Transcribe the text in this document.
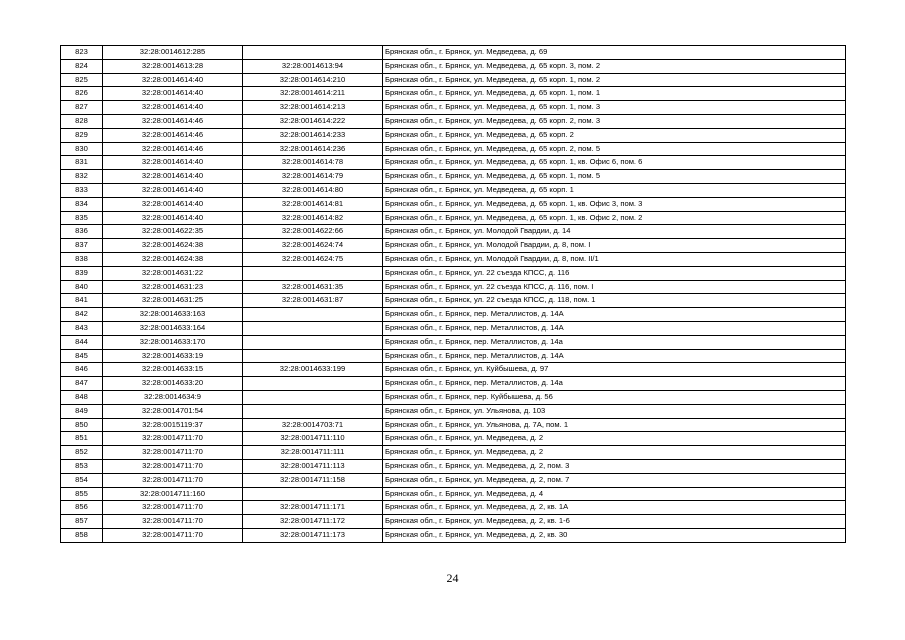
823	32:28:0014612:285		Брянская обл., г. Брянск, ул. Медведева, д. 69
824	32:28:0014613:28	32:28:0014613:94	Брянская обл., г. Брянск, ул. Медведева, д. 65 корп. 3, пом. 2
825	32:28:0014614:40	32:28:0014614:210	Брянская обл., г. Брянск, ул. Медведева, д. 65 корп. 1, пом. 2
826	32:28:0014614:40	32:28:0014614:211	Брянская обл., г. Брянск, ул. Медведева, д. 65 корп. 1, пом. 1
827	32:28:0014614:40	32:28:0014614:213	Брянская обл., г. Брянск, ул. Медведева, д. 65 корп. 1, пом. 3
828	32:28:0014614:46	32:28:0014614:222	Брянская обл., г. Брянск, ул. Медведева, д. 65 корп. 2, пом. 3
829	32:28:0014614:46	32:28:0014614:233	Брянская обл., г. Брянск, ул. Медведева, д. 65 корп. 2
830	32:28:0014614:46	32:28:0014614:236	Брянская обл., г. Брянск, ул. Медведева, д. 65 корп. 2, пом. 5
831	32:28:0014614:40	32:28:0014614:78	Брянская обл., г. Брянск, ул. Медведева, д. 65 корп. 1, кв. Офис 6, пом. 6
832	32:28:0014614:40	32:28:0014614:79	Брянская обл., г. Брянск, ул. Медведева, д. 65 корп. 1, пом. 5
833	32:28:0014614:40	32:28:0014614:80	Брянская обл., г. Брянск, ул. Медведева, д. 65 корп. 1
834	32:28:0014614:40	32:28:0014614:81	Брянская обл., г. Брянск, ул. Медведева, д. 65 корп. 1, кв. Офис 3, пом. 3
835	32:28:0014614:40	32:28:0014614:82	Брянская обл., г. Брянск, ул. Медведева, д. 65 корп. 1, кв. Офис 2, пом. 2
836	32:28:0014622:35	32:28:0014622:66	Брянская обл., г. Брянск, ул. Молодой Гвардии, д. 14
837	32:28:0014624:38	32:28:0014624:74	Брянская обл., г. Брянск, ул. Молодой Гвардии, д. 8, пом. I
838	32:28:0014624:38	32:28:0014624:75	Брянская обл., г. Брянск, ул. Молодой Гвардии, д. 8, пом. II/1
839	32:28:0014631:22		Брянская обл., г. Брянск, ул. 22 съезда КПСС, д. 116
840	32:28:0014631:23	32:28:0014631:35	Брянская обл., г. Брянск, ул. 22 съезда КПСС, д. 116, пом. I
841	32:28:0014631:25	32:28:0014631:87	Брянская обл., г. Брянск, ул. 22 съезда КПСС, д. 118, пом. 1
842	32:28:0014633:163		Брянская обл., г. Брянск, пер. Металлистов, д. 14А
843	32:28:0014633:164		Брянская обл., г. Брянск, пер. Металлистов, д. 14А
844	32:28:0014633:170		Брянская обл., г. Брянск, пер. Металлистов, д. 14а
845	32:28:0014633:19		Брянская обл., г. Брянск, пер. Металлистов, д. 14А
846	32:28:0014633:15	32:28:0014633:199	Брянская обл., г. Брянск, ул. Куйбышева, д. 97
847	32:28:0014633:20		Брянская обл., г. Брянск, пер. Металлистов, д. 14а
848	32:28:0014634:9		Брянская обл., г. Брянск, пер. Куйбышева, д. 56
849	32:28:0014701:54		Брянская обл., г. Брянск, ул. Ульянова, д. 103
850	32:28:0015119:37	32:28:0014703:71	Брянская обл., г. Брянск, ул. Ульянова, д. 7А, пом. 1
851	32:28:0014711:70	32:28:0014711:110	Брянская обл., г. Брянск, ул. Медведева, д. 2
852	32:28:0014711:70	32:28:0014711:111	Брянская обл., г. Брянск, ул. Медведева, д. 2
853	32:28:0014711:70	32:28:0014711:113	Брянская обл., г. Брянск, ул. Медведева, д. 2, пом. 3
854	32:28:0014711:70	32:28:0014711:158	Брянская обл., г. Брянск, ул. Медведева, д. 2, пом. 7
855	32:28:0014711:160		Брянская обл., г. Брянск, ул. Медведева, д. 4
856	32:28:0014711:70	32:28:0014711:171	Брянская обл., г. Брянск, ул. Медведева, д. 2, кв. 1А
857	32:28:0014711:70	32:28:0014711:172	Брянская обл., г. Брянск, ул. Медведева, д. 2, кв. 1-6
858	32:28:0014711:70	32:28:0014711:173	Брянская обл., г. Брянск, ул. Медведева, д. 2, кв. 30
24
